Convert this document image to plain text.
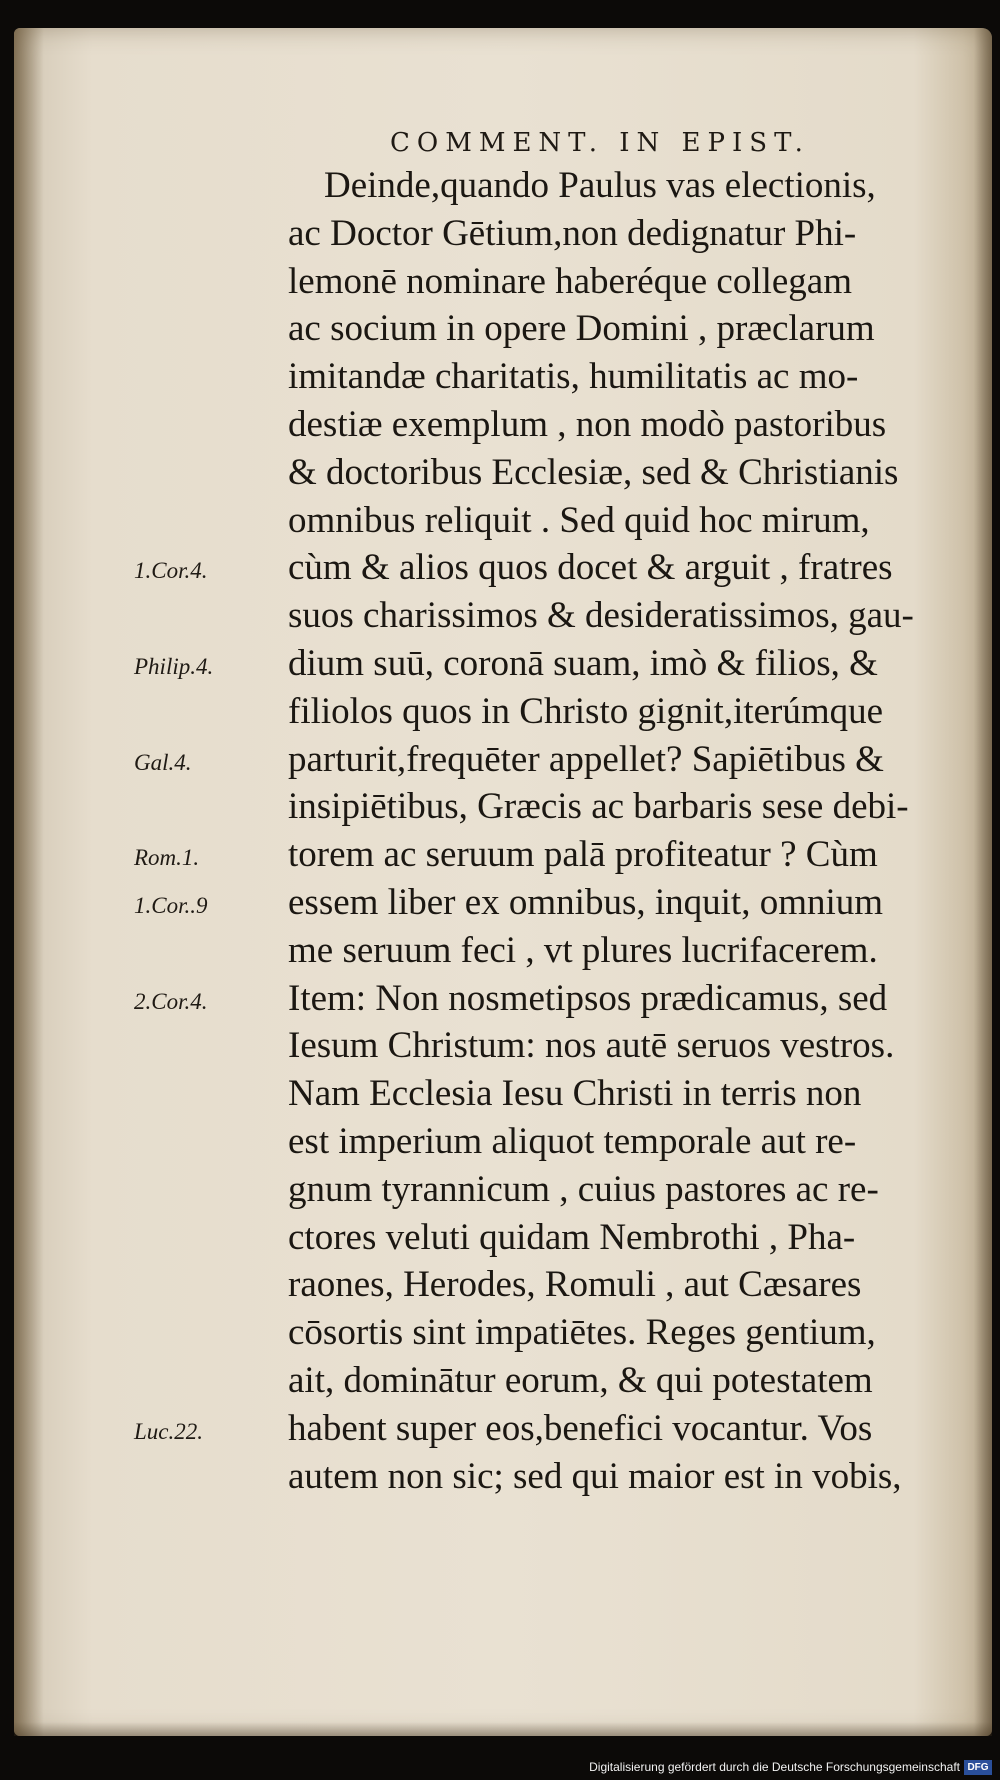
COMMENT. IN EPIST.
Deinde,quando Paulus vas electionis,
ac Doctor Gētium,non dedignatur Phi-
lemonē nominare haberéque collegam
ac socium in opere Domini , præclarum
imitandæ charitatis, humilitatis ac mo-
destiæ exemplum , non modò pastoribus
& doctoribus Ecclesiæ, sed & Christianis
omnibus reliquit . Sed quid hoc mirum,
cùm & alios quos docet & arguit , fratres
suos charissimos & desideratissimos, gau-
dium suū, coronā suam, imò & filios, &
filiolos quos in Christo gignit,iterúmque
parturit,frequēter appellet? Sapiētibus &
insipiētibus, Græcis ac barbaris sese debi-
torem ac seruum palā profiteatur ? Cùm
essem liber ex omnibus, inquit, omnium
me seruum feci , vt plures lucrifacerem.
Item: Non nosmetipsos prædicamus, sed
Iesum Christum: nos autē seruos vestros.
Nam Ecclesia Iesu Christi in terris non
est imperium aliquot temporale aut re-
gnum tyrannicum , cuius pastores ac re-
ctores veluti quidam Nembrothi , Pha-
raones, Herodes, Romuli , aut Cæsares
cōsortis sint impatiētes. Reges gentium,
ait, dominātur eorum, & qui potestatem
habent super eos,benefici vocantur. Vos
autem non sic; sed qui maior est in vobis,
1.Cor.4.
Philip.4.
Gal.4.
Rom.1.
1.Cor..9
2.Cor.4.
Luc.22.
Digitalisierung gefördert durch die Deutsche Forschungsgemeinschaft DFG
